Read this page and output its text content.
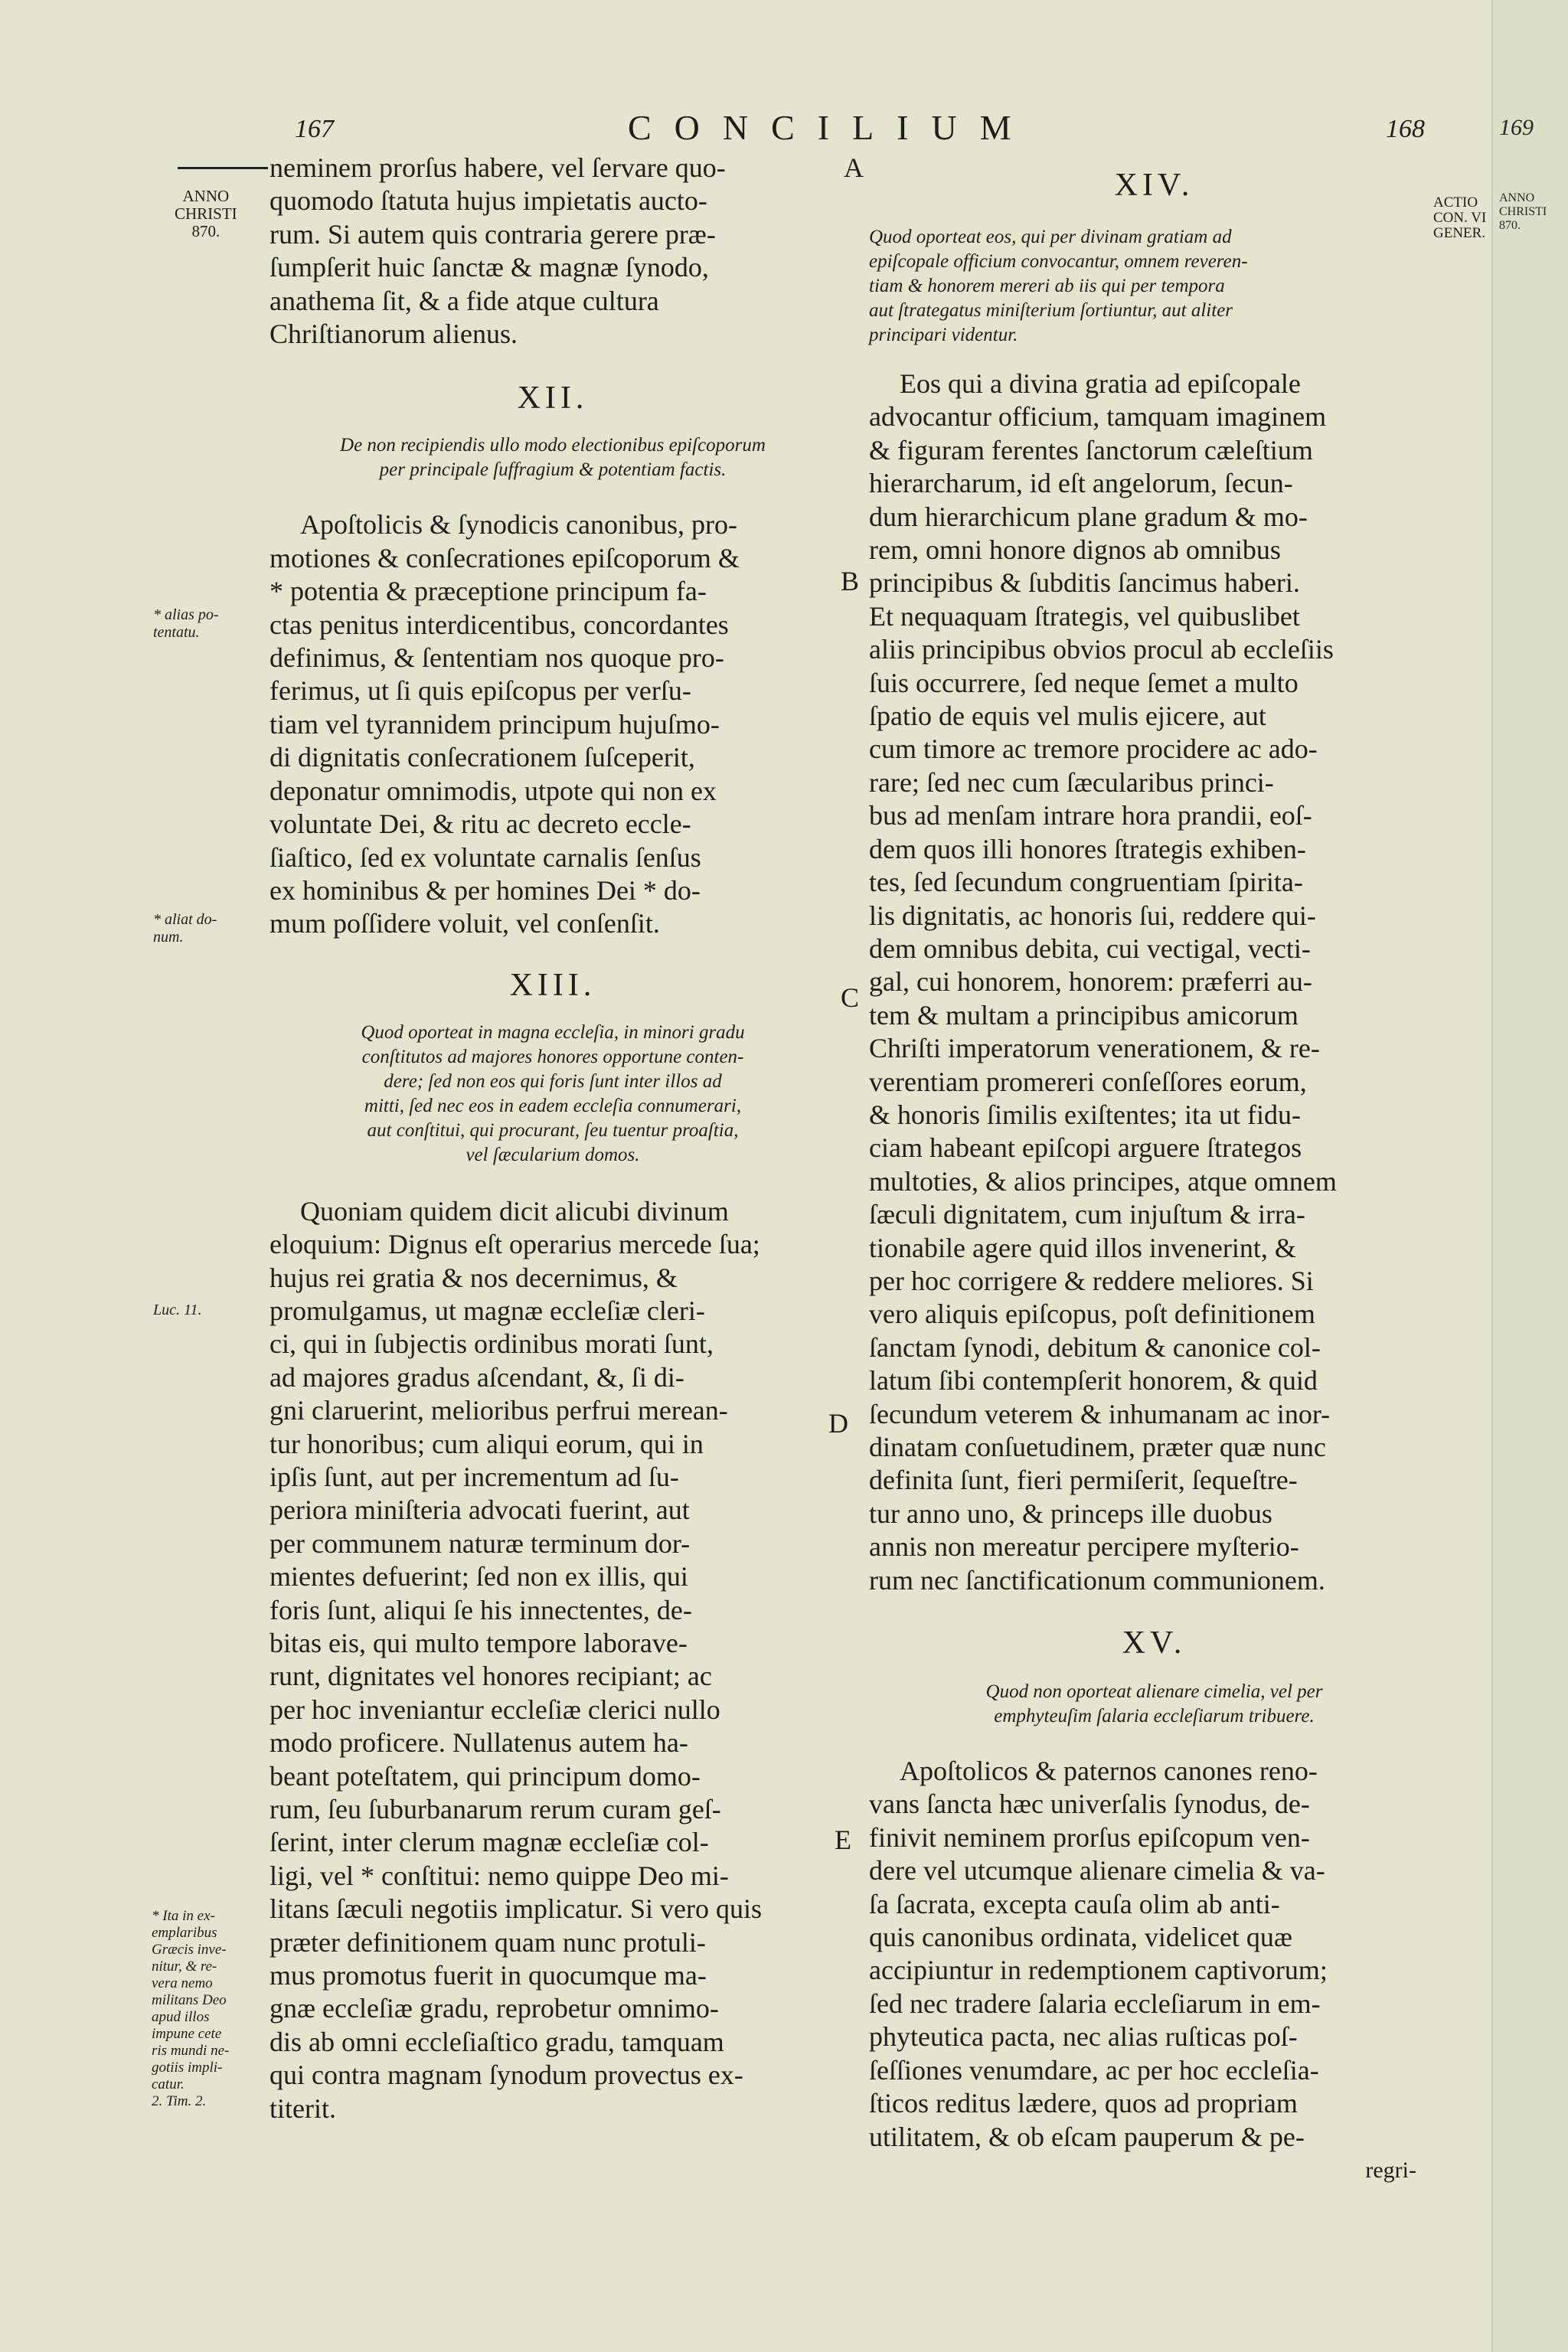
167	CONCILIUM	168
ANNO
CHRISTI
870.
* alias po-
tentatu.
* aliat do-
num.
Luc. 11.
* Ita in ex-
emplaribus
Græcis inve-
nitur, & re-
vera nemo
militans Deo
apud illos
impune cete
ris mundi ne-
gotiis impli-
catur.
2. Tim. 2.
A
B
C
D
E

neminem prorſus habere, vel ſervare quo-

quomodo ſtatuta hujus impietatis auctо-

rum. Si autem quis contraria gerere præ-

ſumpſerit huic ſanctæ & magnæ ſynodo,

anathema ſit, & a fide atque cultura

Chriſtianorum alienus.

XII.

De non recipiendis ullo modo electionibus epiſcoporum
per principale ſuffragium & potentiam factis.

Apoſtolicis & ſynodicis canonibus, pro-

motiones & conſecrationes epiſcoporum &

* potentia & præceptione principum fa-

ctas penitus interdicentibus, concordantes

definimus, & ſententiam nos quoque pro-

ferimus, ut ſi quis epiſcopus per verſu-

tiam vel tyrannidem principum hujuſmo-

di dignitatis conſecrationem ſuſceperit,

deponatur omnimodis, utpote qui non ex

voluntate Dei, & ritu ac decreto eccle-

ſiaſtico, ſed ex voluntate carnalis ſenſus

ex hominibus & per homines Dei * do-

mum poſſidere voluit, vel conſenſit.

XIII.

Quod oporteat in magna eccleſia, in minori gradu
conſtitutos ad majores honores opportune conten-
dere; ſed non eos qui foris ſunt inter illos ad
mitti, ſed nec eos in eadem eccleſia connumerari,
aut conſtitui, qui procurant, ſeu tuentur proaſtia,
vel ſæcularium domos.

Quoniam quidem dicit alicubi divinum

eloquium: Dignus eſt operarius mercede ſua;

hujus rei gratia & nos decernimus, &

promulgamus, ut magnæ eccleſiæ cleri-

ci, qui in ſubjectis ordinibus morati ſunt,

ad majores gradus aſcendant, &, ſi di-

gni claruerint, melioribus perfrui merean-

tur honoribus; cum aliqui eorum, qui in

ipſis ſunt, aut per incrementum ad ſu-

periora miniſteria advocati fuerint, aut

per communem naturæ terminum dor-

mientes defuerint; ſed non ex illis, qui

foris ſunt, aliqui ſe his innectentes, de-

bitas eis, qui multo tempore laborave-

runt, dignitates vel honores recipiant; ac

per hoc inveniantur eccleſiæ clerici nullo

modo proficere. Nullatenus autem ha-

beant poteſtatem, qui principum domo-

rum, ſeu ſuburbanarum rerum curam geſ-

ſerint, inter clerum magnæ eccleſiæ col-

ligi, vel * conſtitui: nemo quippe Deo mi-

litans ſæculi negotiis implicatur. Si vero quis

præter definitionem quam nunc protuli-

mus promotus fuerit in quocumque ma-

gnæ eccleſiæ gradu, reprobetur omnimo-

dis ab omni eccleſiaſtico gradu, tamquam

qui contra magnam ſynodum provectus ex-

titerit.

XIV.

Quod oporteat eos, qui per divinam gratiam ad
epiſcopale officium convocantur, omnem reveren-
tiam & honorem mereri ab iis qui per tempora
aut ſtrategatus miniſterium ſortiuntur, aut aliter
principari videntur.

Eos qui a divina gratia ad epiſcopale

advocantur officium, tamquam imaginem

& figuram ferentes ſanctorum cæleſtium

hierarcharum, id eſt angelorum, ſecun-

dum hierarchicum plane gradum & mo-

rem, omni honore dignos ab omnibus

principibus & ſubditis ſancimus haberi.

Et nequaquam ſtrategis, vel quibuslibet

aliis principibus obvios procul ab eccleſiis

ſuis occurrere, ſed neque ſemet a multo

ſpatio de equis vel mulis ejicere, aut

cum timore ac tremore procidere ac ado-

rare; ſed nec cum ſæcularibus princi-

bus ad menſam intrare hora prandii, eoſ-

dem quos illi honores ſtrategis exhiben-

tes, ſed ſecundum congruentiam ſpirita-

lis dignitatis, ac honoris ſui, reddere qui-

dem omnibus debita, cui vectigal, vecti-

gal, cui honorem, honorem: præferri au-

tem & multam a principibus amicorum

Chriſti imperatorum venerationem, & re-

verentiam promereri conſeſſores eorum,

& honoris ſimilis exiſtentes; ita ut fidu-

ciam habeant epiſcopi arguere ſtrategos

multoties, & alios principes, atque omnem

ſæculi dignitatem, cum injuſtum & irra-

tionabile agere quid illos invenerint, &

per hoc corrigere & reddere meliores. Si

vero aliquis epiſcopus, poſt definitionem

ſanctam ſynodi, debitum & canonice col-

latum ſibi contempſerit honorem, & quid

ſecundum veterem & inhumanam ac inor-

dinatam conſuetudinem, præter quæ nunc

definita ſunt, fieri permiſerit, ſequeſtre-

tur anno uno, & princeps ille duobus

annis non mereatur percipere myſterio-

rum nec ſanctificationum communionem.

XV.

Quod non oporteat alienare cimelia, vel per
emphyteuſim ſalaria eccleſiarum tribuere.

Apoſtolicos & paternos canones reno-

vans ſancta hæc univerſalis ſynodus, de-

finivit neminem prorſus epiſcopum ven-

dere vel utcumque alienare cimelia & va-

ſa ſacrata, excepta cauſa olim ab anti-

quis canonibus ordinata, videlicet quæ

accipiuntur in redemptionem captivorum;

ſed nec tradere ſalaria eccleſiarum in em-

phyteutica pacta, nec alias ruſticas poſ-

ſeſſiones venumdare, ac per hoc eccleſia-

ſticos reditus lædere, quos ad propriam

utilitatem, & ob eſcam pauperum & pe-

regri-

ACTIO
CON. VI
GENER.
169
ANNO
CHRISTI
870.
